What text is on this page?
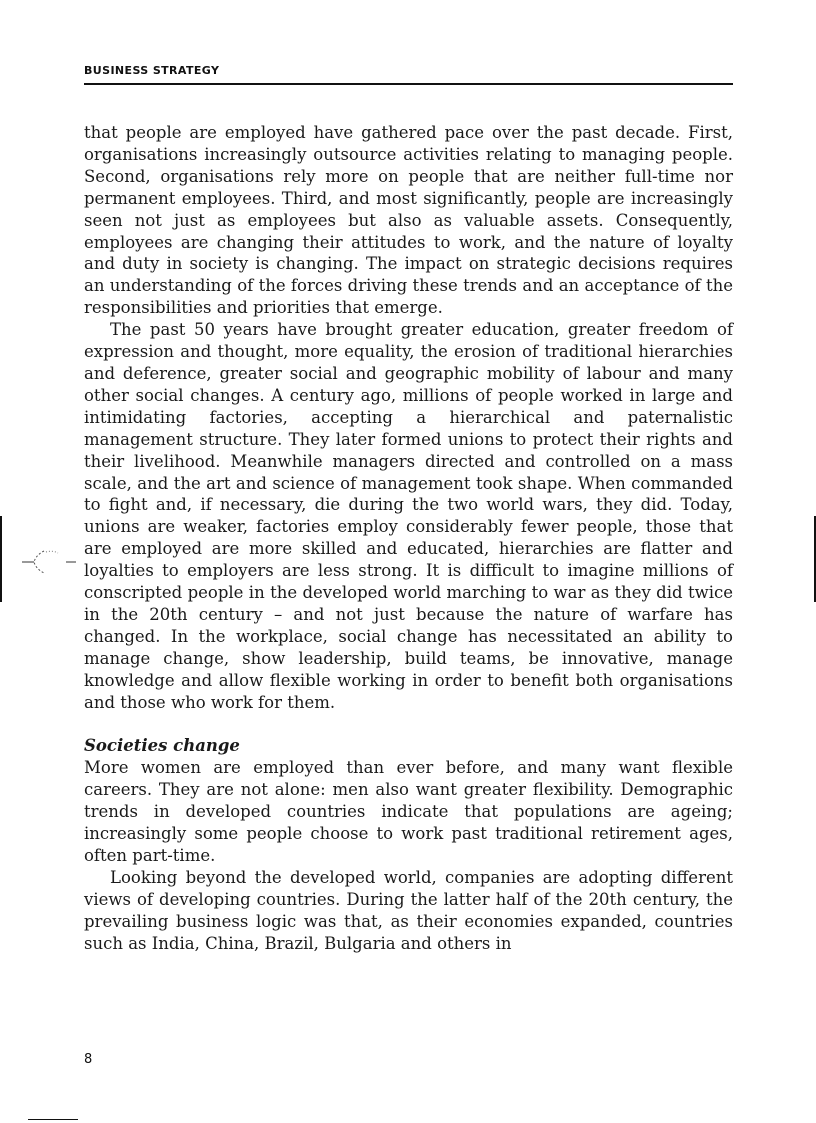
BUSINESS STRATEGY

that people are employed have gathered pace over the past decade. First, organisations increasingly outsource activities relating to managing people. Second, organisations rely more on people that are neither full-time nor permanent employees. Third, and most significantly, people are increasingly seen not just as employees but also as valuable assets. Consequently, employees are changing their attitudes to work, and the nature of loyalty and duty in society is changing. The impact on strategic decisions requires an understanding of the forces driving these trends and an acceptance of the responsibilities and priorities that emerge.

The past 50 years have brought greater education, greater freedom of expression and thought, more equality, the erosion of traditional hierarchies and deference, greater social and geographic mobility of labour and many other social changes. A century ago, millions of people worked in large and intimidating factories, accepting a hierarchical and paternalistic management structure. They later formed unions to protect their rights and their livelihood. Meanwhile managers directed and controlled on a mass scale, and the art and science of management took shape. When commanded to fight and, if necessary, die during the two world wars, they did. Today, unions are weaker, factories employ considerably fewer people, those that are employed are more skilled and educated, hierarchies are flatter and loyalties to employers are less strong. It is difficult to imagine millions of conscripted people in the developed world marching to war as they did twice in the 20th century – and not just because the nature of warfare has changed. In the workplace, social change has necessitated an ability to manage change, show leadership, build teams, be innovative, manage knowledge and allow flexible working in order to benefit both organisations and those who work for them.

Societies change

More women are employed than ever before, and many want flexible careers. They are not alone: men also want greater flexibility. Demographic trends in developed countries indicate that populations are ageing; increasingly some people choose to work past traditional retirement ages, often part-time.

Looking beyond the developed world, companies are adopting different views of developing countries. During the latter half of the 20th century, the prevailing business logic was that, as their economies expanded, countries such as India, China, Brazil, Bulgaria and others in

8
